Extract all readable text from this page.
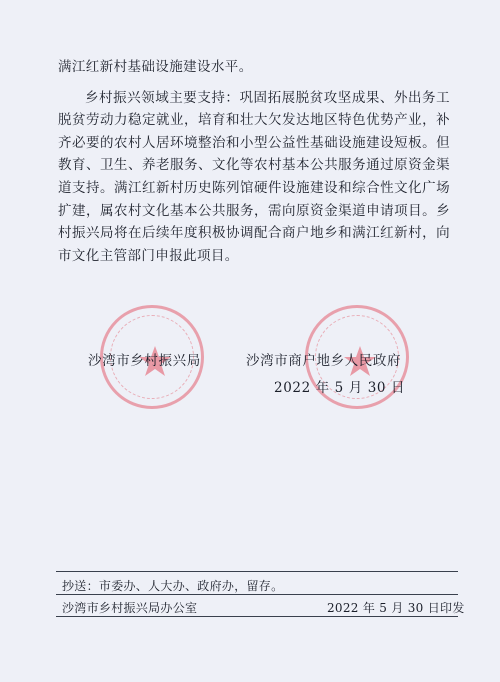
满江红新村基础设施建设水平。

乡村振兴领域主要支持：巩固拓展脱贫攻坚成果、外出务工脱贫劳动力稳定就业，培育和壮大欠发达地区特色优势产业，补齐必要的农村人居环境整治和小型公益性基础设施建设短板。但教育、卫生、养老服务、文化等农村基本公共服务通过原资金渠道支持。满江红新村历史陈列馆硬件设施建设和综合性文化广场扩建，属农村文化基本公共服务，需向原资金渠道申请项目。乡村振兴局将在后续年度积极协调配合商户地乡和满江红新村，向市文化主管部门申报此项目。

沙湾市乡村振兴局	沙湾市商户地乡人民政府
2022 年 5 月 30 日
抄送：市委办、人大办、政府办，留存。
沙湾市乡村振兴局办公室	2022 年 5 月 30 日印发
